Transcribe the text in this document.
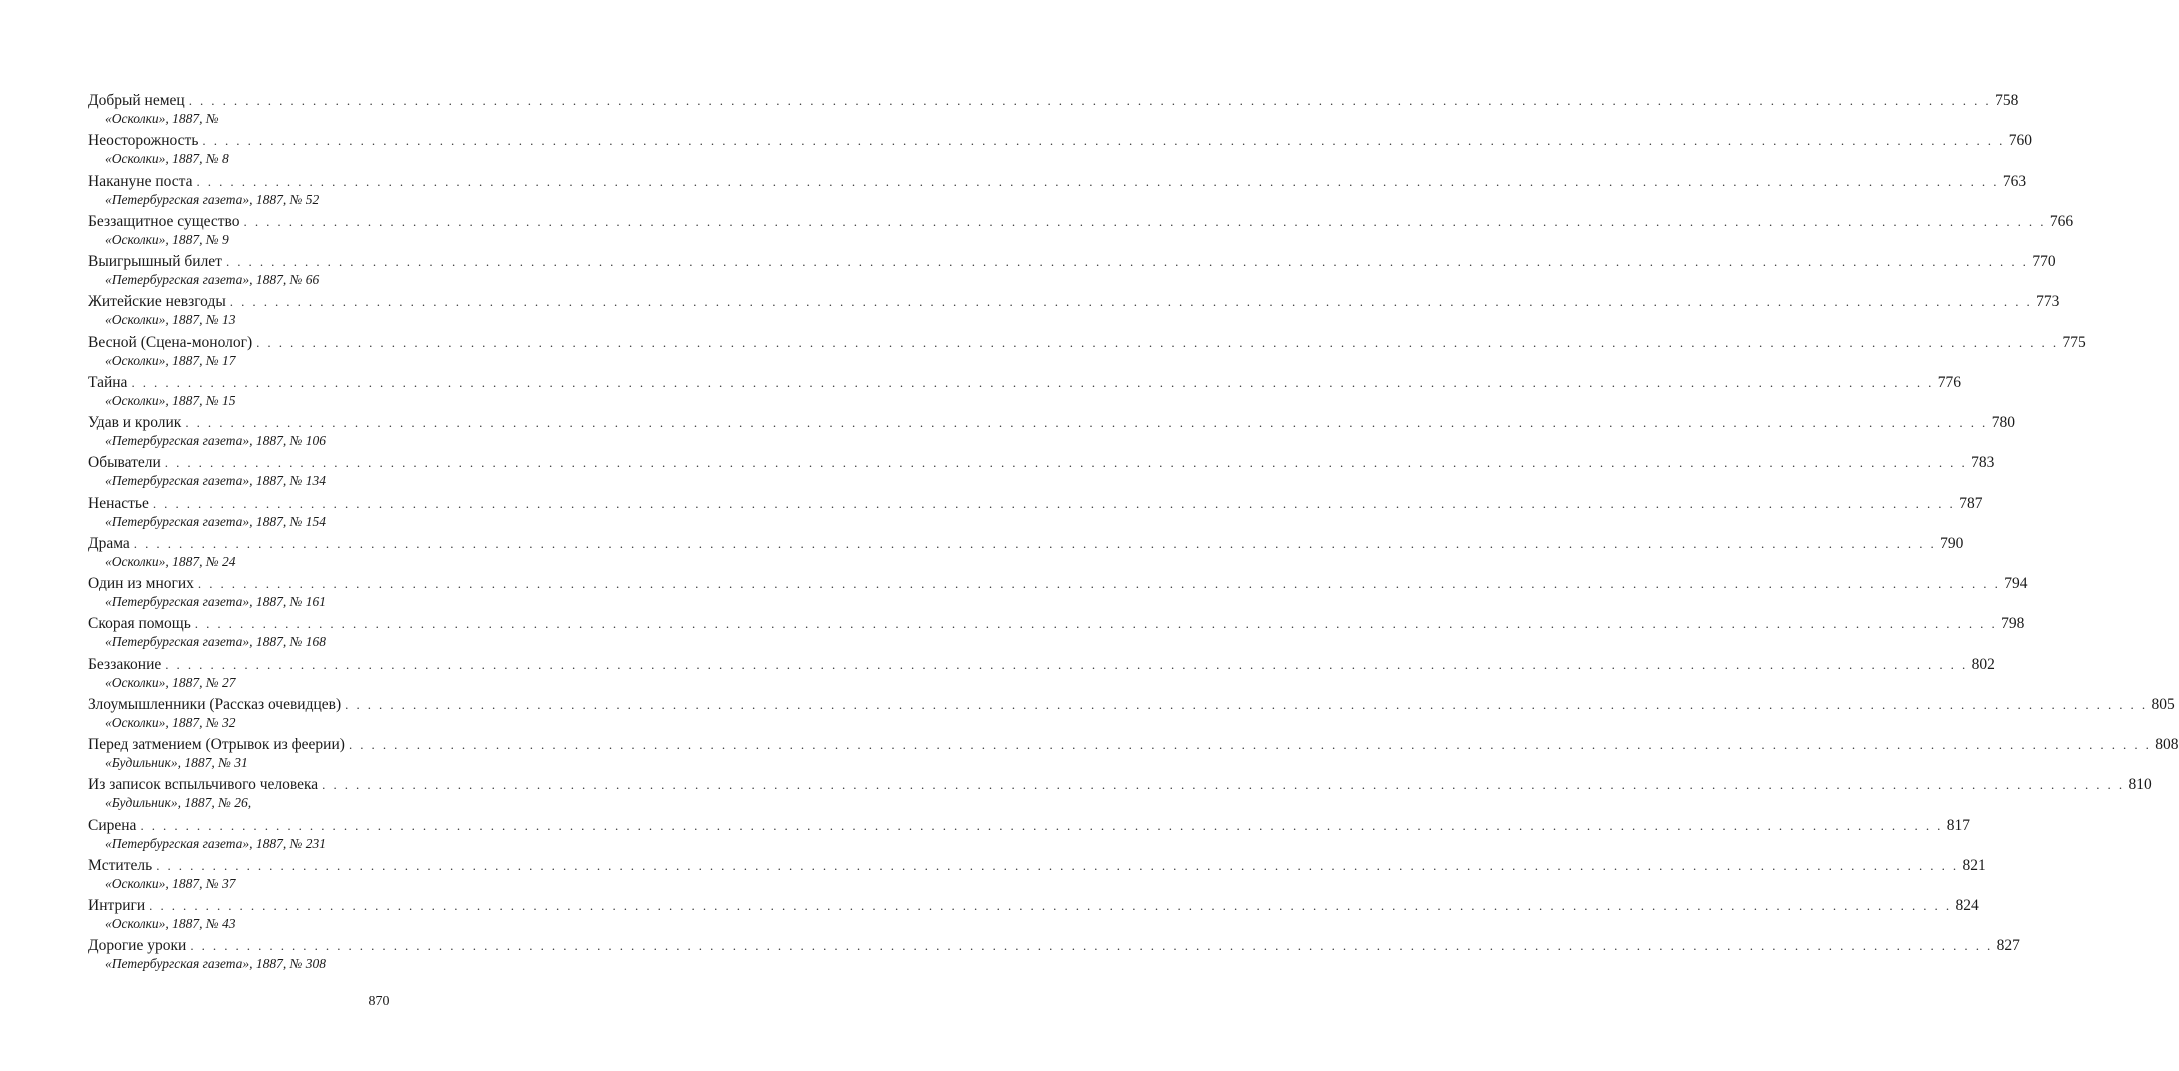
Добрый немец . . . . . . . . . . . . . . . . . . . . . . . . . . . . . . . . . . . . . . . . . . . . . . . . . . . . . . . . . . . . . . . . . . . . . . . . . . . . . . . . . . . . . . . . . . . . . . . . . . . . . . . . . . . . . . . . . . . . . . . . . . . . . . . . . . . . . . . . . . . . . . . . . . . . . . . . . . . . . . . . 758
«Осколки», 1887, №
Неосторожность . . . . . . . . . . . . . . . . . . . . . . . . . . . . . . . . . . . . . . . . . . . . . . . . . . . . . . . . . . . . . . . . . . . . . . . . . . . . . . . . . . . . . . . . . . . . . . . . . . . . . . . . . . . . . . . . . . . . . . . . . . . . . . . . . . . . . . . . . . . . . . . . . . . . . . . . . . . . . . . . 760
«Осколки», 1887, № 8
Накануне поста . . . . . . . . . . . . . . . . . . . . . . . . . . . . . . . . . . . . . . . . . . . . . . . . . . . . . . . . . . . . . . . . . . . . . . . . . . . . . . . . . . . . . . . . . . . . . . . . . . . . . . . . . . . . . . . . . . . . . . . . . . . . . . . . . . . . . . . . . . . . . . . . . . . . . . . . . . . . . . . . 763
«Петербургская газета», 1887, № 52
Беззащитное существо . . . . . . . . . . . . . . . . . . . . . . . . . . . . . . . . . . . . . . . . . . . . . . . . . . . . . . . . . . . . . . . . . . . . . . . . . . . . . . . . . . . . . . . . . . . . . . . . . . . . . . . . . . . . . . . . . . . . . . . . . . . . . . . . . . . . . . . . . . . . . . . . . . . . . . . . . . . . . . . . 766
«Осколки», 1887, № 9
Выигрышный билет . . . . . . . . . . . . . . . . . . . . . . . . . . . . . . . . . . . . . . . . . . . . . . . . . . . . . . . . . . . . . . . . . . . . . . . . . . . . . . . . . . . . . . . . . . . . . . . . . . . . . . . . . . . . . . . . . . . . . . . . . . . . . . . . . . . . . . . . . . . . . . . . . . . . . . . . . . . . . . . . 770
«Петербургская газета», 1887, № 66
Житейские невзгоды . . . . . . . . . . . . . . . . . . . . . . . . . . . . . . . . . . . . . . . . . . . . . . . . . . . . . . . . . . . . . . . . . . . . . . . . . . . . . . . . . . . . . . . . . . . . . . . . . . . . . . . . . . . . . . . . . . . . . . . . . . . . . . . . . . . . . . . . . . . . . . . . . . . . . . . . . . . . . . . . 773
«Осколки», 1887, № 13
Весной (Сцена-монолог) . . . . . . . . . . . . . . . . . . . . . . . . . . . . . . . . . . . . . . . . . . . . . . . . . . . . . . . . . . . . . . . . . . . . . . . . . . . . . . . . . . . . . . . . . . . . . . . . . . . . . . . . . . . . . . . . . . . . . . . . . . . . . . . . . . . . . . . . . . . . . . . . . . . . . . . . . . . . . . . . 775
«Осколки», 1887, № 17
Тайна . . . . . . . . . . . . . . . . . . . . . . . . . . . . . . . . . . . . . . . . . . . . . . . . . . . . . . . . . . . . . . . . . . . . . . . . . . . . . . . . . . . . . . . . . . . . . . . . . . . . . . . . . . . . . . . . . . . . . . . . . . . . . . . . . . . . . . . . . . . . . . . . . . . . . . . . . . . . . . . . 776
«Осколки», 1887, № 15
Удав и кролик . . . . . . . . . . . . . . . . . . . . . . . . . . . . . . . . . . . . . . . . . . . . . . . . . . . . . . . . . . . . . . . . . . . . . . . . . . . . . . . . . . . . . . . . . . . . . . . . . . . . . . . . . . . . . . . . . . . . . . . . . . . . . . . . . . . . . . . . . . . . . . . . . . . . . . . . . . . . . . . . 780
«Петербургская газета», 1887, № 106
Обыватели . . . . . . . . . . . . . . . . . . . . . . . . . . . . . . . . . . . . . . . . . . . . . . . . . . . . . . . . . . . . . . . . . . . . . . . . . . . . . . . . . . . . . . . . . . . . . . . . . . . . . . . . . . . . . . . . . . . . . . . . . . . . . . . . . . . . . . . . . . . . . . . . . . . . . . . . . . . . . . . . 783
«Петербургская газета», 1887, № 134
Ненастье . . . . . . . . . . . . . . . . . . . . . . . . . . . . . . . . . . . . . . . . . . . . . . . . . . . . . . . . . . . . . . . . . . . . . . . . . . . . . . . . . . . . . . . . . . . . . . . . . . . . . . . . . . . . . . . . . . . . . . . . . . . . . . . . . . . . . . . . . . . . . . . . . . . . . . . . . . . . . . . . 787
«Петербургская газета», 1887, № 154
Драма . . . . . . . . . . . . . . . . . . . . . . . . . . . . . . . . . . . . . . . . . . . . . . . . . . . . . . . . . . . . . . . . . . . . . . . . . . . . . . . . . . . . . . . . . . . . . . . . . . . . . . . . . . . . . . . . . . . . . . . . . . . . . . . . . . . . . . . . . . . . . . . . . . . . . . . . . . . . . . . . 790
«Осколки», 1887, № 24
Один из многих . . . . . . . . . . . . . . . . . . . . . . . . . . . . . . . . . . . . . . . . . . . . . . . . . . . . . . . . . . . . . . . . . . . . . . . . . . . . . . . . . . . . . . . . . . . . . . . . . . . . . . . . . . . . . . . . . . . . . . . . . . . . . . . . . . . . . . . . . . . . . . . . . . . . . . . . . . . . . . . . 794
«Петербургская газета», 1887, № 161
Скорая помощь . . . . . . . . . . . . . . . . . . . . . . . . . . . . . . . . . . . . . . . . . . . . . . . . . . . . . . . . . . . . . . . . . . . . . . . . . . . . . . . . . . . . . . . . . . . . . . . . . . . . . . . . . . . . . . . . . . . . . . . . . . . . . . . . . . . . . . . . . . . . . . . . . . . . . . . . . . . . . . . . 798
«Петербургская газета», 1887, № 168
Беззаконие . . . . . . . . . . . . . . . . . . . . . . . . . . . . . . . . . . . . . . . . . . . . . . . . . . . . . . . . . . . . . . . . . . . . . . . . . . . . . . . . . . . . . . . . . . . . . . . . . . . . . . . . . . . . . . . . . . . . . . . . . . . . . . . . . . . . . . . . . . . . . . . . . . . . . . . . . . . . . . . . 802
«Осколки», 1887, № 27
Злоумышленники (Рассказ очевидцев) . . . . . . . . . . . . . . . . . . . . . . . . . . . . . . . . . . . . . . . . . . . . . . . . . . . . . . . . . . . . . . . . . . . . . . . . . . . . . . . . . . . . . . . . . . . . . . . . . . . . . . . . . . . . . . . . . . . . . . . . . . . . . . . . . . . . . . . . . . . . . . . . . . . . . . . . . . . . . . . . 805
«Осколки», 1887, № 32
Перед затмением (Отрывок из феерии) . . . . . . . . . . . . . . . . . . . . . . . . . . . . . . . . . . . . . . . . . . . . . . . . . . . . . . . . . . . . . . . . . . . . . . . . . . . . . . . . . . . . . . . . . . . . . . . . . . . . . . . . . . . . . . . . . . . . . . . . . . . . . . . . . . . . . . . . . . . . . . . . . . . . . . . . . . . . . . . . 808
«Будильник», 1887, № 31
Из записок вспыльчивого человека . . . . . . . . . . . . . . . . . . . . . . . . . . . . . . . . . . . . . . . . . . . . . . . . . . . . . . . . . . . . . . . . . . . . . . . . . . . . . . . . . . . . . . . . . . . . . . . . . . . . . . . . . . . . . . . . . . . . . . . . . . . . . . . . . . . . . . . . . . . . . . . . . . . . . . . . . . . . . . . . 810
«Будильник», 1887, № 26,
Сирена . . . . . . . . . . . . . . . . . . . . . . . . . . . . . . . . . . . . . . . . . . . . . . . . . . . . . . . . . . . . . . . . . . . . . . . . . . . . . . . . . . . . . . . . . . . . . . . . . . . . . . . . . . . . . . . . . . . . . . . . . . . . . . . . . . . . . . . . . . . . . . . . . . . . . . . . . . . . . . . . 817
«Петербургская газета», 1887, № 231
Мститель . . . . . . . . . . . . . . . . . . . . . . . . . . . . . . . . . . . . . . . . . . . . . . . . . . . . . . . . . . . . . . . . . . . . . . . . . . . . . . . . . . . . . . . . . . . . . . . . . . . . . . . . . . . . . . . . . . . . . . . . . . . . . . . . . . . . . . . . . . . . . . . . . . . . . . . . . . . . . . . . 821
«Осколки», 1887, № 37
Интриги . . . . . . . . . . . . . . . . . . . . . . . . . . . . . . . . . . . . . . . . . . . . . . . . . . . . . . . . . . . . . . . . . . . . . . . . . . . . . . . . . . . . . . . . . . . . . . . . . . . . . . . . . . . . . . . . . . . . . . . . . . . . . . . . . . . . . . . . . . . . . . . . . . . . . . . . . . . . . . . . 824
«Осколки», 1887, № 43
Дорогие уроки . . . . . . . . . . . . . . . . . . . . . . . . . . . . . . . . . . . . . . . . . . . . . . . . . . . . . . . . . . . . . . . . . . . . . . . . . . . . . . . . . . . . . . . . . . . . . . . . . . . . . . . . . . . . . . . . . . . . . . . . . . . . . . . . . . . . . . . . . . . . . . . . . . . . . . . . . . . . . . . . 827
«Петербургская газета», 1887, № 308
870
